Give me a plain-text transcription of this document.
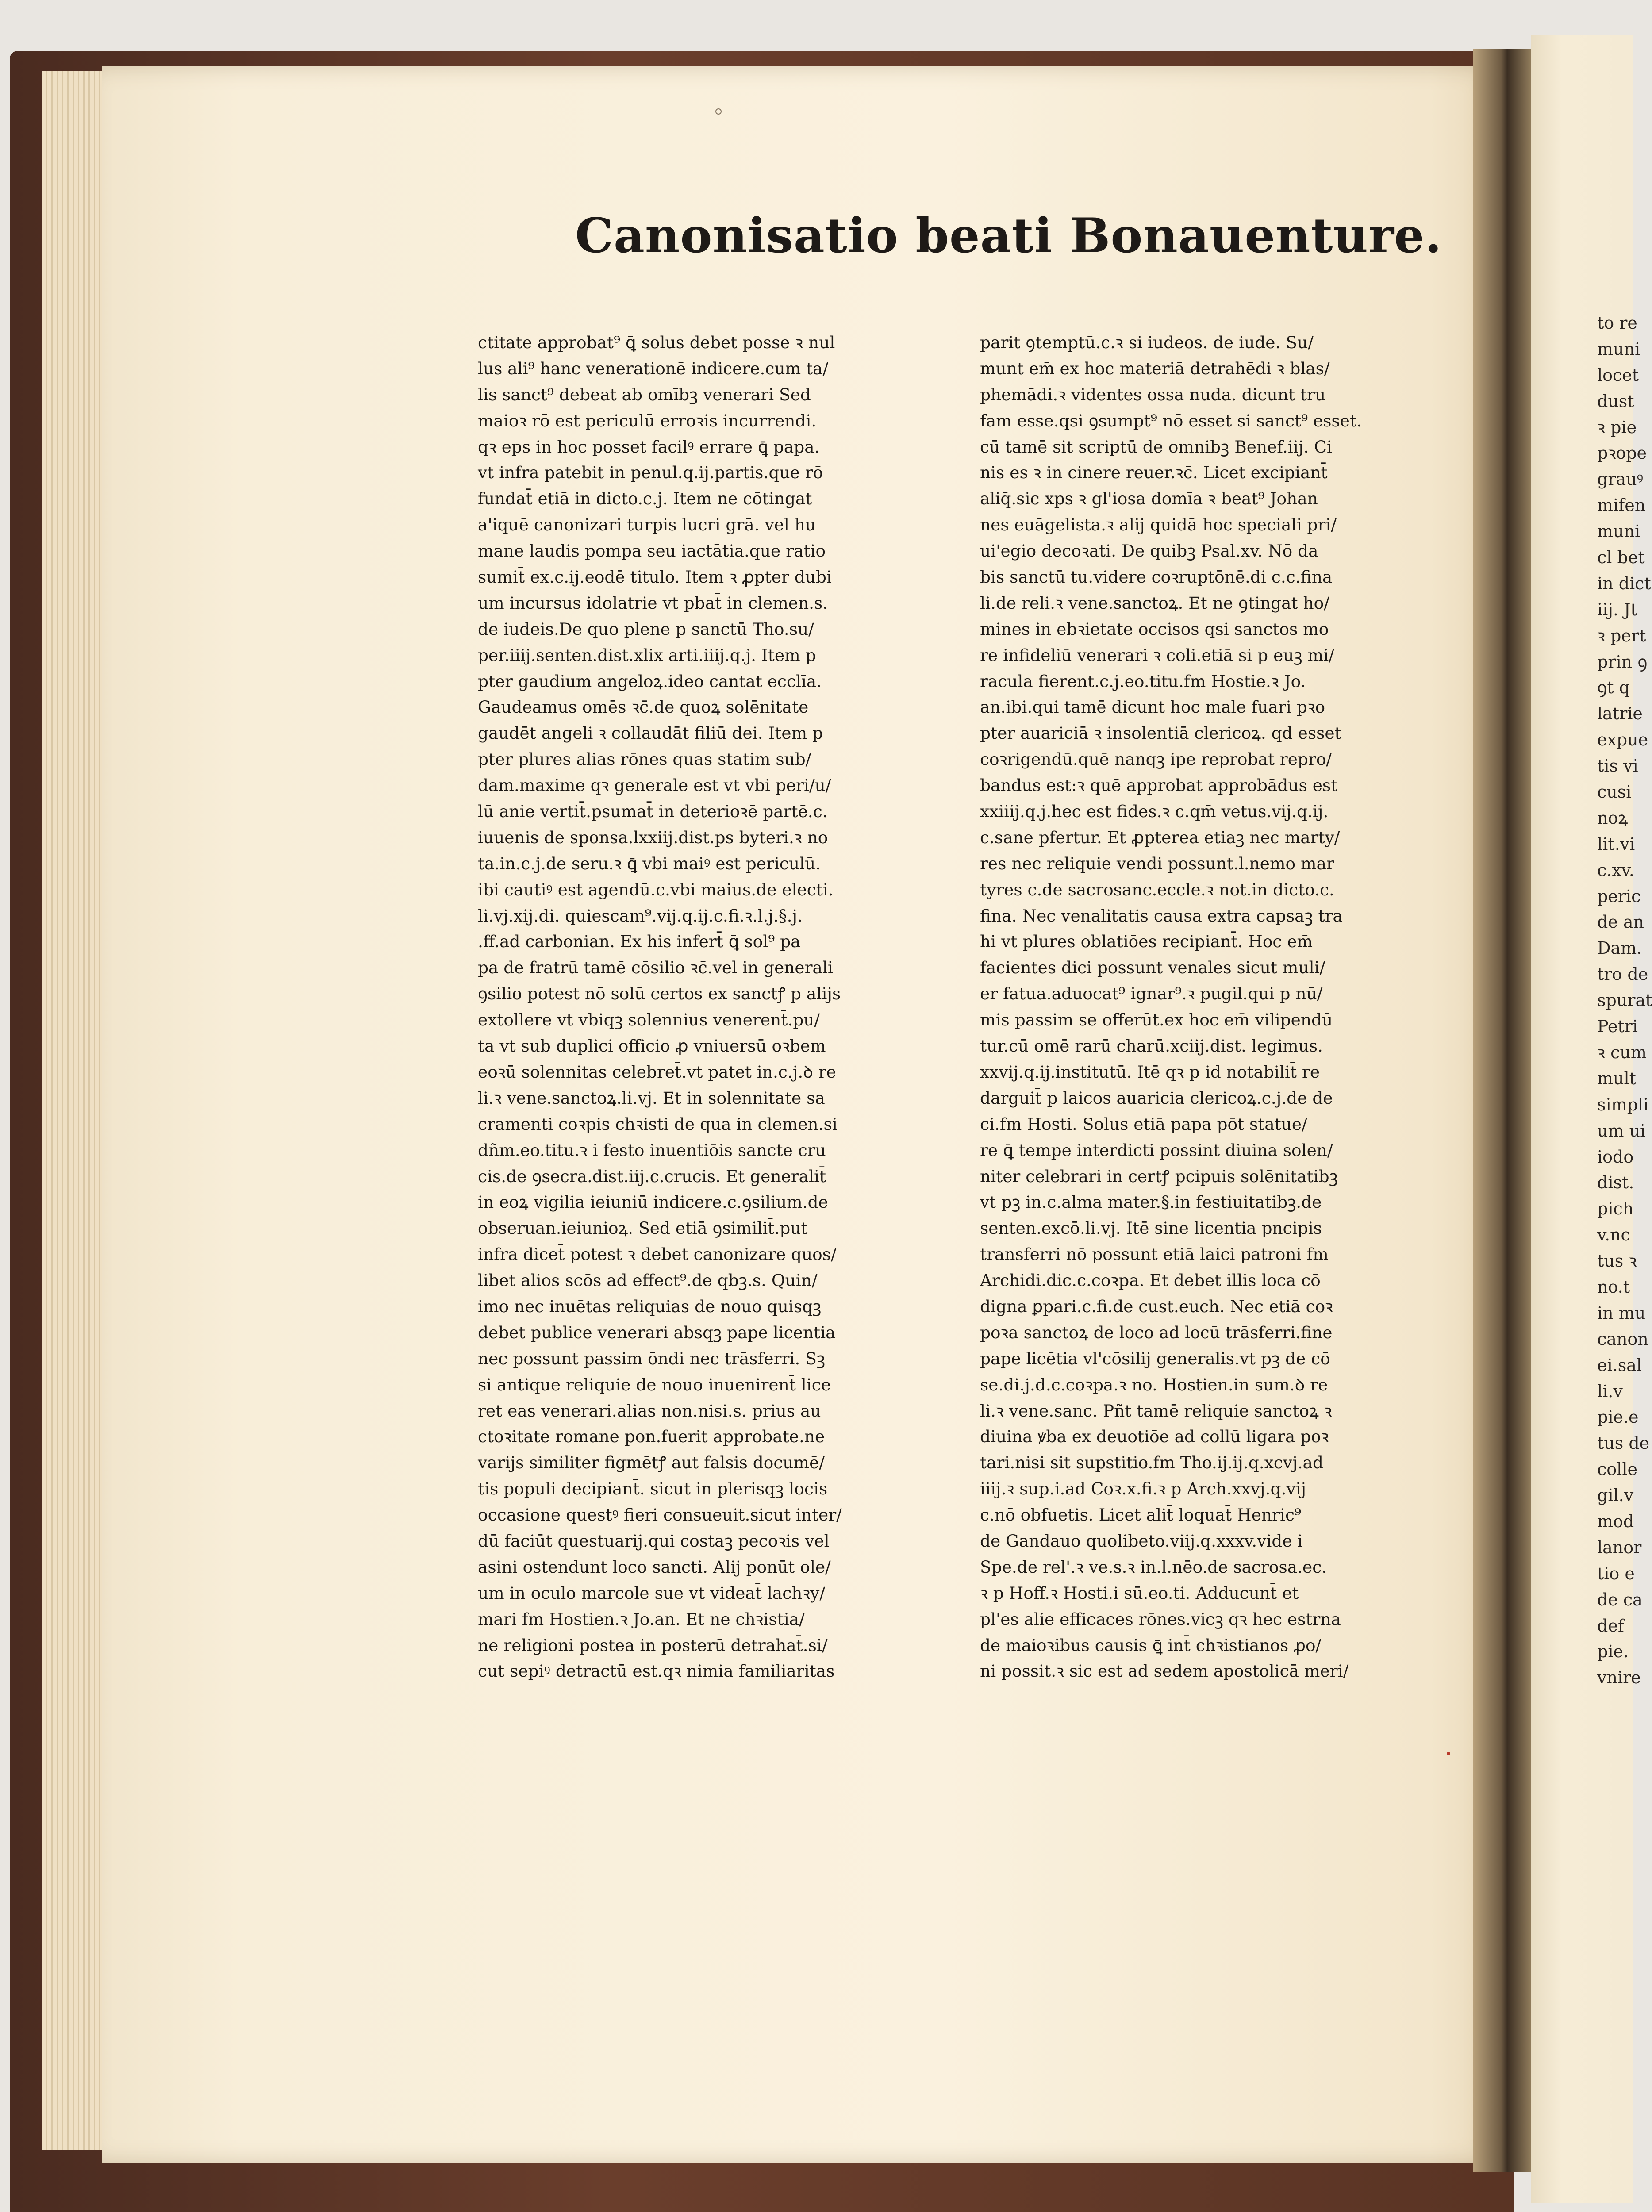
to re
muni
locet
dust
ꝛ pie
pꝛope
grauꝰ
mifen
muni
cl bet
in dict
iij. Jt
ꝛ pert
prin ꝯ
ꝯt q
latrie
expue
tis vi
cusi
noꝝ
lit.vi
c.xv.
peric
de an
Dam.
tro de
spurat
Petri
ꝛ cum
mult
simpli
um ui
iodo
dist.
pich
v.nc
tus ꝛ
no.t
in mu
canon
ei.sal
li.v
pie.e
tus de
colle
gil.v
mod
lanor
tio e
de ca
def
pie.
vnire
Canonisatio beati Bonauenture.
ctitate approbat⁹ ꝗ̄ solus debet posse ꝛ nul
lus ali⁹ hanc venerationē indicere.cum ta/
lis sanct⁹ debeat ab omībꝫ venerari Sed
maioꝛ rō est periculū erroꝛis incurrendi.
qꝛ eps in hoc posset facilꝰ errare ꝗ̄ papa.
vt infra patebit in penul.q.ij.partis.que rō
fundat̄ etiā in dicto.c.j. Item ne cōtingat
a'iquē canonizari turpis lucri grā. vel hu
mane laudis pompa seu iactātia.que ratio
sumit̄ ex.c.ij.eodē titulo. Item ꝛ ꝓpter dubi
um incursus idolatrie vt pbat̄ in clemen.s.
de iudeis.De quo plene p sanctū Tho.su/
per.iiij.senten.dist.xlix arti.iiij.q.j. Item p
pter gaudium angeloꝝ.ideo cantat ecclīa.
Gaudeamus omēs ꝛc̄.de quoꝝ solēnitate
gaudēt angeli ꝛ collaudāt filiū dei. Item p
pter plures alias rōnes quas statim sub/
dam.maxime qꝛ generale est vt vbi peri/u/
lū anie vertit̄.psumat̄ in deterioꝛē partē.c.
iuuenis de sponsa.lxxiij.dist.ps byteri.ꝛ no
ta.in.c.j.de seru.ꝛ ꝗ̄ vbi maiꝰ est periculū.
ibi cautiꝰ est agendū.c.vbi maius.de electi.
li.vj.xij.di. quiescam⁹.vij.q.ij.c.fi.ꝛ.l.j.§.j.
.ff.ad carbonian. Ex his infert̄ ꝗ̄ sol⁹ pa
pa de fratrū tamē cōsilio ꝛc̄.vel in generali
ꝯsilio potest nō solū certos ex sanctꝭ p alijs
extollere vt vbiqꝫ solennius venerent̄.pu/
ta vt sub duplici officio ꝓ vniuersū oꝛbem
eoꝛū solennitas celebret̄.vt patet in.c.j.ꝺ re
li.ꝛ vene.sanctoꝝ.li.vj. Et in solennitate sa
cramenti coꝛpis chꝛisti de qua in clemen.si
dñm.eo.titu.ꝛ i festo inuentiōis sancte cru
cis.de ꝯsecra.dist.iij.c.crucis. Et generalit̄
in eoꝝ vigilia ieiuniū indicere.c.ꝯsilium.de
obseruan.ieiunioꝝ. Sed etiā ꝯsimilit̄.put
infra dicet̄ potest ꝛ debet canonizare quos/
libet alios scōs ad effect⁹.de qbꝫ.s. Quin/
imo nec inuētas reliquias de nouo quisqꝫ
debet publice venerari absqꝫ pape licentia
nec possunt passim ōndi nec trāsferri. Sꝫ
si antique reliquie de nouo inuenirent̄ lice
ret eas venerari.alias non.nisi.s. prius au
ctoꝛitate romane pon.fuerit approbate.ne
varijs similiter figmētꝭ aut falsis documē/
tis populi decipiant̄. sicut in plerisqꝫ locis
occasione questꝰ fieri consueuit.sicut inter/
dū faciūt questuarij.qui costaꝫ pecoꝛis vel
asini ostendunt loco sancti. Alij ponūt ole/
um in oculo marcole sue vt videat̄ lachꝛy/
mari fm Hostien.ꝛ Jo.an. Et ne chꝛistia/
ne religioni postea in posterū detrahat̄.si/
cut sepiꝰ detractū est.qꝛ nimia familiaritas
parit ꝯtemptū.c.ꝛ si iudeos. de iude. Su/
munt em̄ ex hoc materiā detrahēdi ꝛ blas/
phemādi.ꝛ videntes ossa nuda. dicunt tru
fam esse.qsi ꝯsumpt⁹ nō esset si sanct⁹ esset.
cū tamē sit scriptū de omnibꝫ Benef.iij. Ci
nis es ꝛ in cinere reuer.ꝛc̄. Licet excipiant̄
aliq̄.sic xps ꝛ gl'iosa domīa ꝛ beat⁹ Johan
nes euāgelista.ꝛ alij quidā hoc speciali pri/
ui'egio decoꝛati. De quibꝫ Psal.xv. Nō da
bis sanctū tu.videre coꝛruptōnē.di c.c.fina
li.de reli.ꝛ vene.sanctoꝝ. Et ne ꝯtingat ho/
mines in ebꝛietate occisos qsi sanctos mo
re infideliū venerari ꝛ coli.etiā si p euꝫ mi/
racula fierent.c.j.eo.titu.fm Hostie.ꝛ Jo.
an.ibi.qui tamē dicunt hoc male fuari pꝛo
pter auariciā ꝛ insolentiā clericoꝝ. qd esset
coꝛrigendū.quē nanqꝫ ipe reprobat repro/
bandus est:ꝛ quē approbat approbādus est
xxiiij.q.j.hec est fides.ꝛ c.qm̄ vetus.vij.q.ij.
c.sane pfertur. Et ꝓpterea etiaꝫ nec marty/
res nec reliquie vendi possunt.l.nemo mar
tyres c.de sacrosanc.eccle.ꝛ not.in dicto.c.
fina. Nec venalitatis causa extra capsaꝫ tra
hi vt plures oblatiōes recipiant̄. Hoc em̄
facientes dici possunt venales sicut muli/
er fatua.aduocat⁹ ignar⁹.ꝛ pugil.qui p nū/
mis passim se offerūt.ex hoc em̄ vilipendū
tur.cū omē rarū charū.xciij.dist. legimus.
xxvij.q.ij.institutū. Itē qꝛ p id notabilit̄ re
darguit̄ p laicos auaricia clericoꝝ.c.j.de de
ci.fm Hosti. Solus etiā papa pōt statue/
re ꝗ̄ tempe interdicti possint diuina solen/
niter celebrari in certꝭ pcipuis solēnitatibꝫ
vt pꝫ in.c.alma mater.§.in festiuitatibꝫ.de
senten.excō.li.vj. Itē sine licentia pncipis
transferri nō possunt etiā laici patroni fm
Archidi.dic.c.coꝛpa. Et debet illis loca cō
digna ꝑpari.c.fi.de cust.euch. Nec etiā coꝛ
poꝛa sanctoꝝ de loco ad locū trāsferri.fine
pape licētia vl'cōsilij generalis.vt pꝫ de cō
se.di.j.d.c.coꝛpa.ꝛ no. Hostien.in sum.ꝺ re
li.ꝛ vene.sanc. Pñt tamē reliquie sanctoꝝ ꝛ
diuina ꝟba ex deuotiōe ad collū ligara poꝛ
tari.nisi sit supstitio.fm Tho.ij.ij.q.xcvj.ad
iiij.ꝛ sup.i.ad Coꝛ.x.fi.ꝛ p Arch.xxvj.q.vij
c.nō obfuetis. Licet alit̄ loquat̄ Henric⁹
de Gandauo quolibeto.viij.q.xxxv.vide i
Spe.de rel'.ꝛ ve.s.ꝛ in.l.nēo.de sacrosa.ec.
ꝛ p Hoff.ꝛ Hosti.i sū.eo.ti. Adducunt̄ et
pl'es alie efficaces rōnes.vicꝫ qꝛ hec estrna
de maioꝛibus causis ꝗ̄ int̄ chꝛistianos ꝓo/
ni possit.ꝛ sic est ad sedem apostolicā meri/
